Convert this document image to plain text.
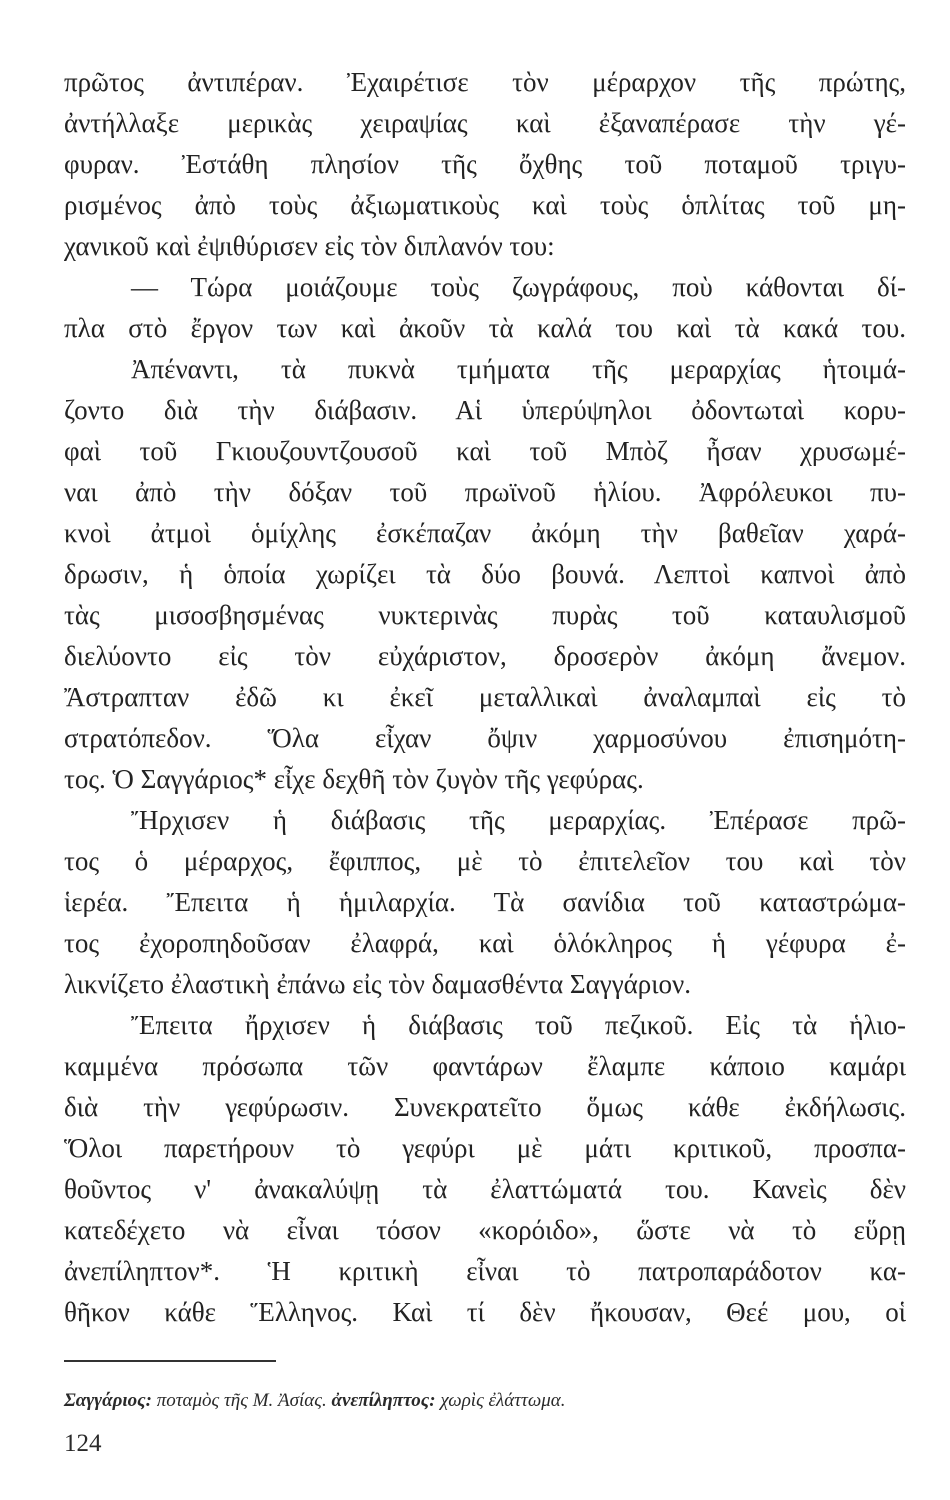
πρῶτος ἀντιπέραν. Ἐχαιρέτισε τὸν μέραρχον τῆς πρώτης,
ἀντήλλαξε μερικὰς χειραψίας καὶ ἐξαναπέρασε τὴν γέ-
φυραν. Ἐστάθη πλησίον τῆς ὄχθης τοῦ ποταμοῦ τριγυ-
ρισμένος ἀπὸ τοὺς ἀξιωματικοὺς καὶ τοὺς ὁπλίτας τοῦ μη-
χανικοῦ καὶ ἐψιθύρισεν εἰς τὸν διπλανόν του:
— Τώρα μοιάζουμε τοὺς ζωγράφους, ποὺ κάθονται δί-
πλα στὸ ἔργον των καὶ ἀκοῦν τὰ καλά του καὶ τὰ κακά του.
Ἀπέναντι, τὰ πυκνὰ τμήματα τῆς μεραρχίας ἡτοιμά-
ζοντο διὰ τὴν διάβασιν. Αἱ ὑπερύψηλοι ὀδοντωταὶ κορυ-
φαὶ τοῦ Γκιουζουντζουσοῦ καὶ τοῦ Μπὸζ ἦσαν χρυσωμέ-
ναι ἀπὸ τὴν δόξαν τοῦ πρωϊνοῦ ἡλίου. Ἀφρόλευκοι πυ-
κνοὶ ἀτμοὶ ὁμίχλης ἐσκέπαζαν ἀκόμη τὴν βαθεῖαν χαρά-
δρωσιν, ἡ ὁποία χωρίζει τὰ δύο βουνά. Λεπτοὶ καπνοὶ ἀπὸ
τὰς μισοσβησμένας νυκτερινὰς πυρὰς τοῦ καταυλισμοῦ
διελύοντο εἰς τὸν εὐχάριστον, δροσερὸν ἀκόμη ἄνεμον.
Ἄστραπταν ἐδῶ κι ἐκεῖ μεταλλικαὶ ἀναλαμπαὶ εἰς τὸ
στρατόπεδον. Ὅλα εἶχαν ὄψιν χαρμοσύνου ἐπισημότη-
τος. Ὁ Σαγγάριος* εἶχε δεχθῆ τὸν ζυγὸν τῆς γεφύρας.
Ἤρχισεν ἡ διάβασις τῆς μεραρχίας. Ἐπέρασε πρῶ-
τος ὁ μέραρχος, ἔφιππος, μὲ τὸ ἐπιτελεῖον του καὶ τὸν
ἱερέα. Ἔπειτα ἡ ἡμιλαρχία. Τὰ σανίδια τοῦ καταστρώμα-
τος ἐχοροπηδοῦσαν ἐλαφρά, καὶ ὁλόκληρος ἡ γέφυρα ἐ-
λικνίζετο ἐλαστικὴ ἐπάνω εἰς τὸν δαμασθέντα Σαγγάριον.
Ἔπειτα ἤρχισεν ἡ διάβασις τοῦ πεζικοῦ. Εἰς τὰ ἡλιο-
καμμένα πρόσωπα τῶν φαντάρων ἔλαμπε κάποιο καμάρι
διὰ τὴν γεφύρωσιν. Συνεκρατεῖτο ὅμως κάθε ἐκδήλωσις.
Ὅλοι παρετήρουν τὸ γεφύρι μὲ μάτι κριτικοῦ, προσπα-
θοῦντος ν' ἀνακαλύψῃ τὰ ἐλαττώματά του. Κανεὶς δὲν
κατεδέχετο νὰ εἶναι τόσον «κορόιδο», ὥστε νὰ τὸ εὕρῃ
ἀνεπίληπτον*. Ἡ κριτικὴ εἶναι τὸ πατροπαράδοτον κα-
θῆκον κάθε Ἕλληνος. Καὶ τί δὲν ἤκουσαν, Θεέ μου, οἱ
Σαγγάριος: ποταμὸς τῆς Μ. Ἀσίας. ἀνεπίληπτος: χωρὶς ἐλάττωμα.
124
